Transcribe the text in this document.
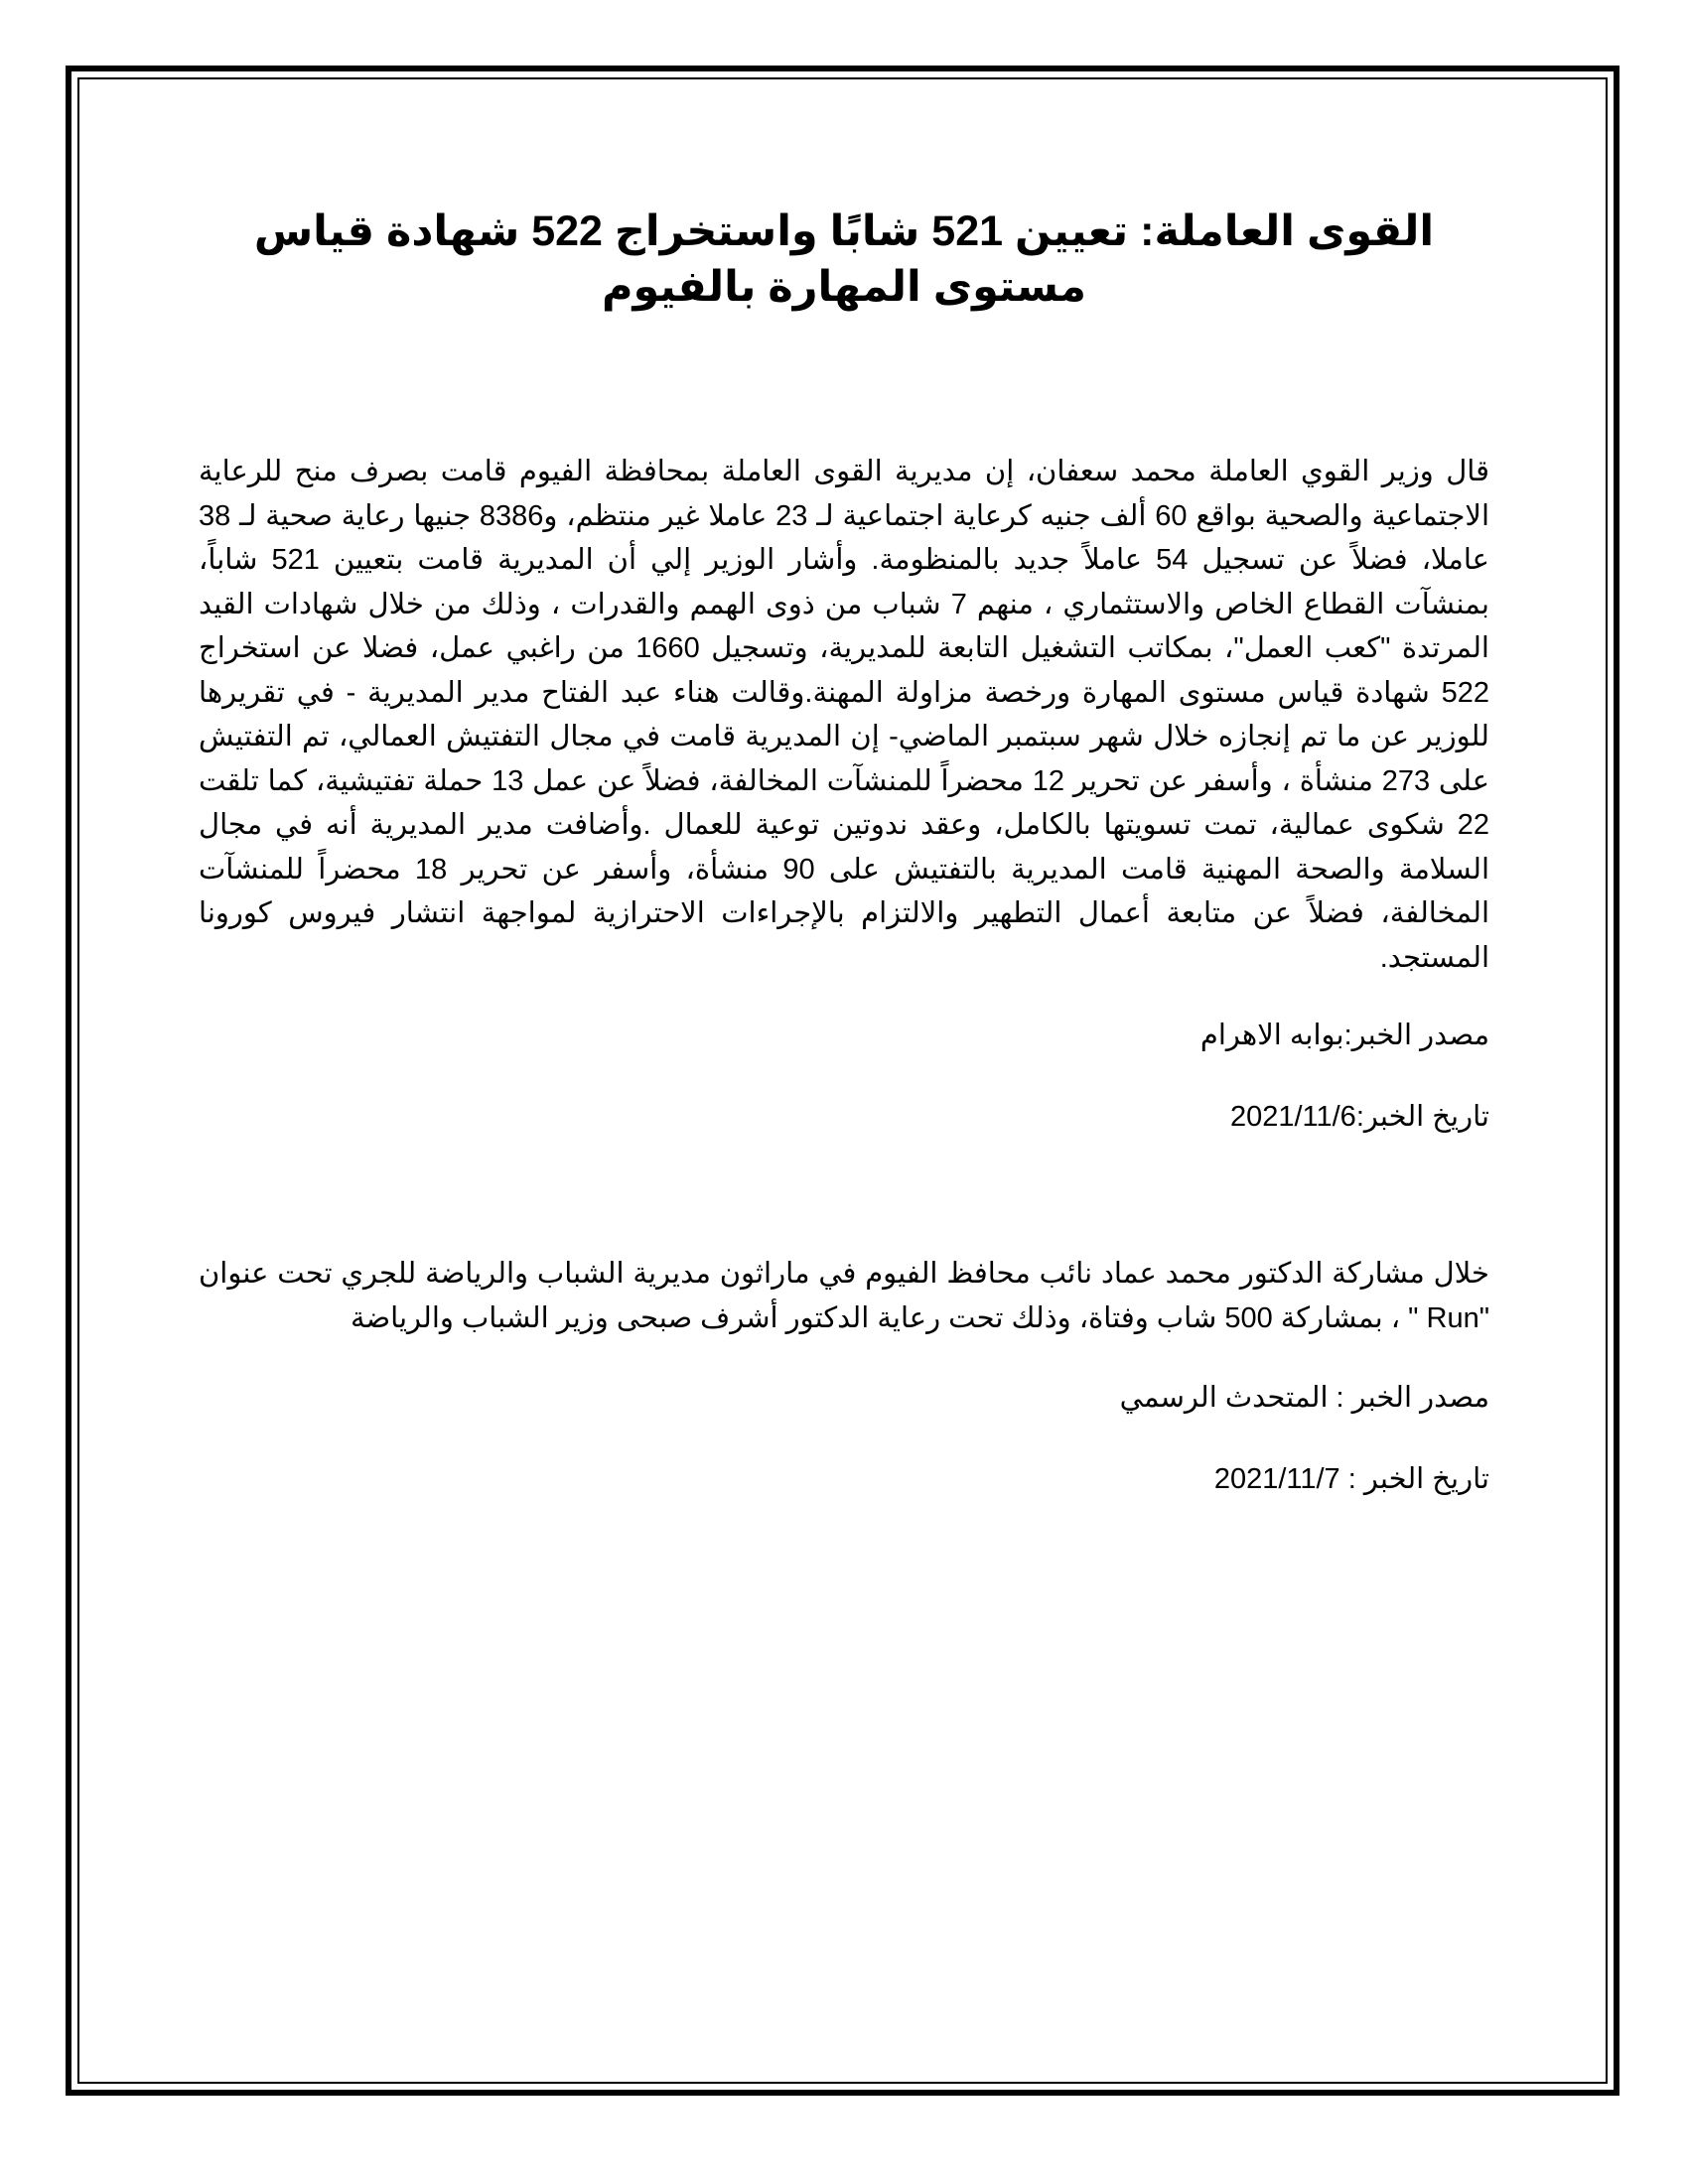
القوى العاملة: تعيين 521 شابًا واستخراج 522 شهادة قياس مستوى المهارة بالفيوم

قال وزير القوي العاملة محمد سعفان، إن مديرية القوى العاملة بمحافظة الفيوم قامت بصرف منح للرعاية الاجتماعية والصحية بواقع 60 ألف جنيه كرعاية اجتماعية لـ 23 عاملا غير منتظم، و8386 جنيها رعاية صحية لـ 38 عاملا، فضلاً عن تسجيل 54 عاملاً جديد بالمنظومة. وأشار الوزير إلي أن المديرية قامت بتعيين 521 شاباً، بمنشآت القطاع الخاص والاستثماري ، منهم 7 شباب من ذوى الهمم والقدرات ، وذلك من خلال شهادات القيد المرتدة "كعب العمل"، بمكاتب التشغيل التابعة للمديرية، وتسجيل 1660 من راغبي عمل، فضلا عن استخراج 522 شهادة قياس مستوى المهارة ورخصة مزاولة المهنة.وقالت هناء عبد الفتاح مدير المديرية - في تقريرها للوزير عن ما تم إنجازه خلال شهر سبتمبر الماضي- إن المديرية قامت في مجال التفتيش العمالي، تم التفتيش على 273 منشأة ، وأسفر عن تحرير 12 محضراً للمنشآت المخالفة، فضلاً عن عمل 13 حملة تفتيشية، كما تلقت 22 شكوى عمالية، تمت تسويتها بالكامل، وعقد ندوتين توعية للعمال .وأضافت مدير المديرية أنه في مجال السلامة والصحة المهنية قامت المديرية بالتفتيش على 90 منشأة، وأسفر عن تحرير 18 محضراً للمنشآت المخالفة، فضلاً عن متابعة أعمال التطهير والالتزام بالإجراءات الاحترازية لمواجهة انتشار فيروس كورونا المستجد.

مصدر الخبر:بوابه الاهرام

تاريخ الخبر:2021/11/6

خلال مشاركة الدكتور محمد عماد نائب محافظ الفيوم في ماراثون مديرية الشباب والرياضة للجري تحت عنوان "Run " ، بمشاركة 500 شاب وفتاة، وذلك تحت رعاية الدكتور أشرف صبحى وزير الشباب والرياضة

مصدر الخبر : المتحدث الرسمي

تاريخ الخبر : 2021/11/7
